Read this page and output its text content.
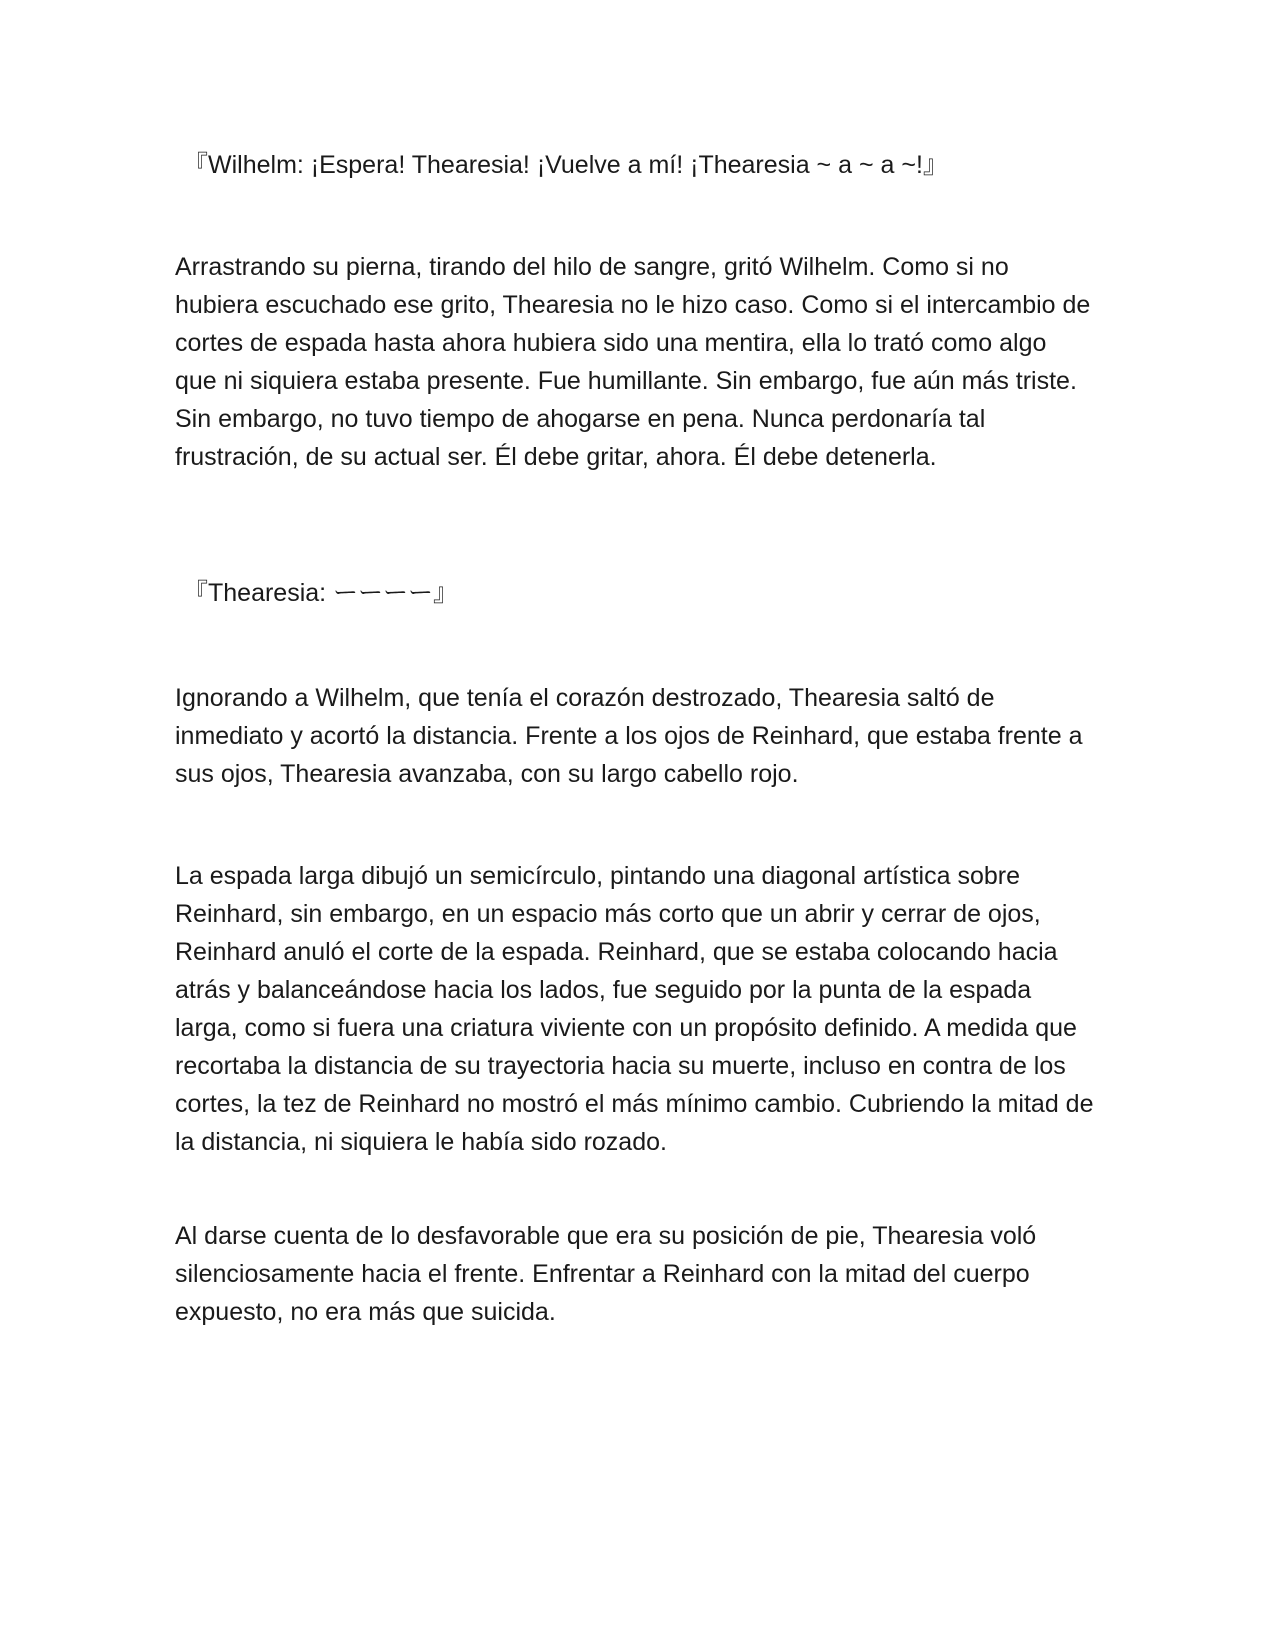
『Wilhelm: ¡Espera! Thearesia! ¡Vuelve a mí! ¡Thearesia ~ a ~ a ~!』

Arrastrando su pierna, tirando del hilo de sangre, gritó Wilhelm. Como si no hubiera escuchado ese grito, Thearesia no le hizo caso. Como si el intercambio de cortes de espada hasta ahora hubiera sido una mentira, ella lo trató como algo que ni siquiera estaba presente. Fue humillante. Sin embargo, fue aún más triste. Sin embargo, no tuvo tiempo de ahogarse en pena. Nunca perdonaría tal frustración, de su actual ser. Él debe gritar, ahora. Él debe detenerla.

『Thearesia: ーーーー』

Ignorando a Wilhelm, que tenía el corazón destrozado, Thearesia saltó de inmediato y acortó la distancia. Frente a los ojos de Reinhard, que estaba frente a sus ojos, Thearesia avanzaba, con su largo cabello rojo.

La espada larga dibujó un semicírculo, pintando una diagonal artística sobre Reinhard, sin embargo, en un espacio más corto que un abrir y cerrar de ojos, Reinhard anuló el corte de la espada. Reinhard, que se estaba colocando hacia atrás y balanceándose hacia los lados, fue seguido por la punta de la espada larga, como si fuera una criatura viviente con un propósito definido. A medida que recortaba la distancia de su trayectoria hacia su muerte, incluso en contra de los cortes, la tez de Reinhard no mostró el más mínimo cambio. Cubriendo la mitad de la distancia, ni siquiera le había sido rozado.

Al darse cuenta de lo desfavorable que era su posición de pie, Thearesia voló silenciosamente hacia el frente. Enfrentar a Reinhard con la mitad del cuerpo expuesto, no era más que suicida.
